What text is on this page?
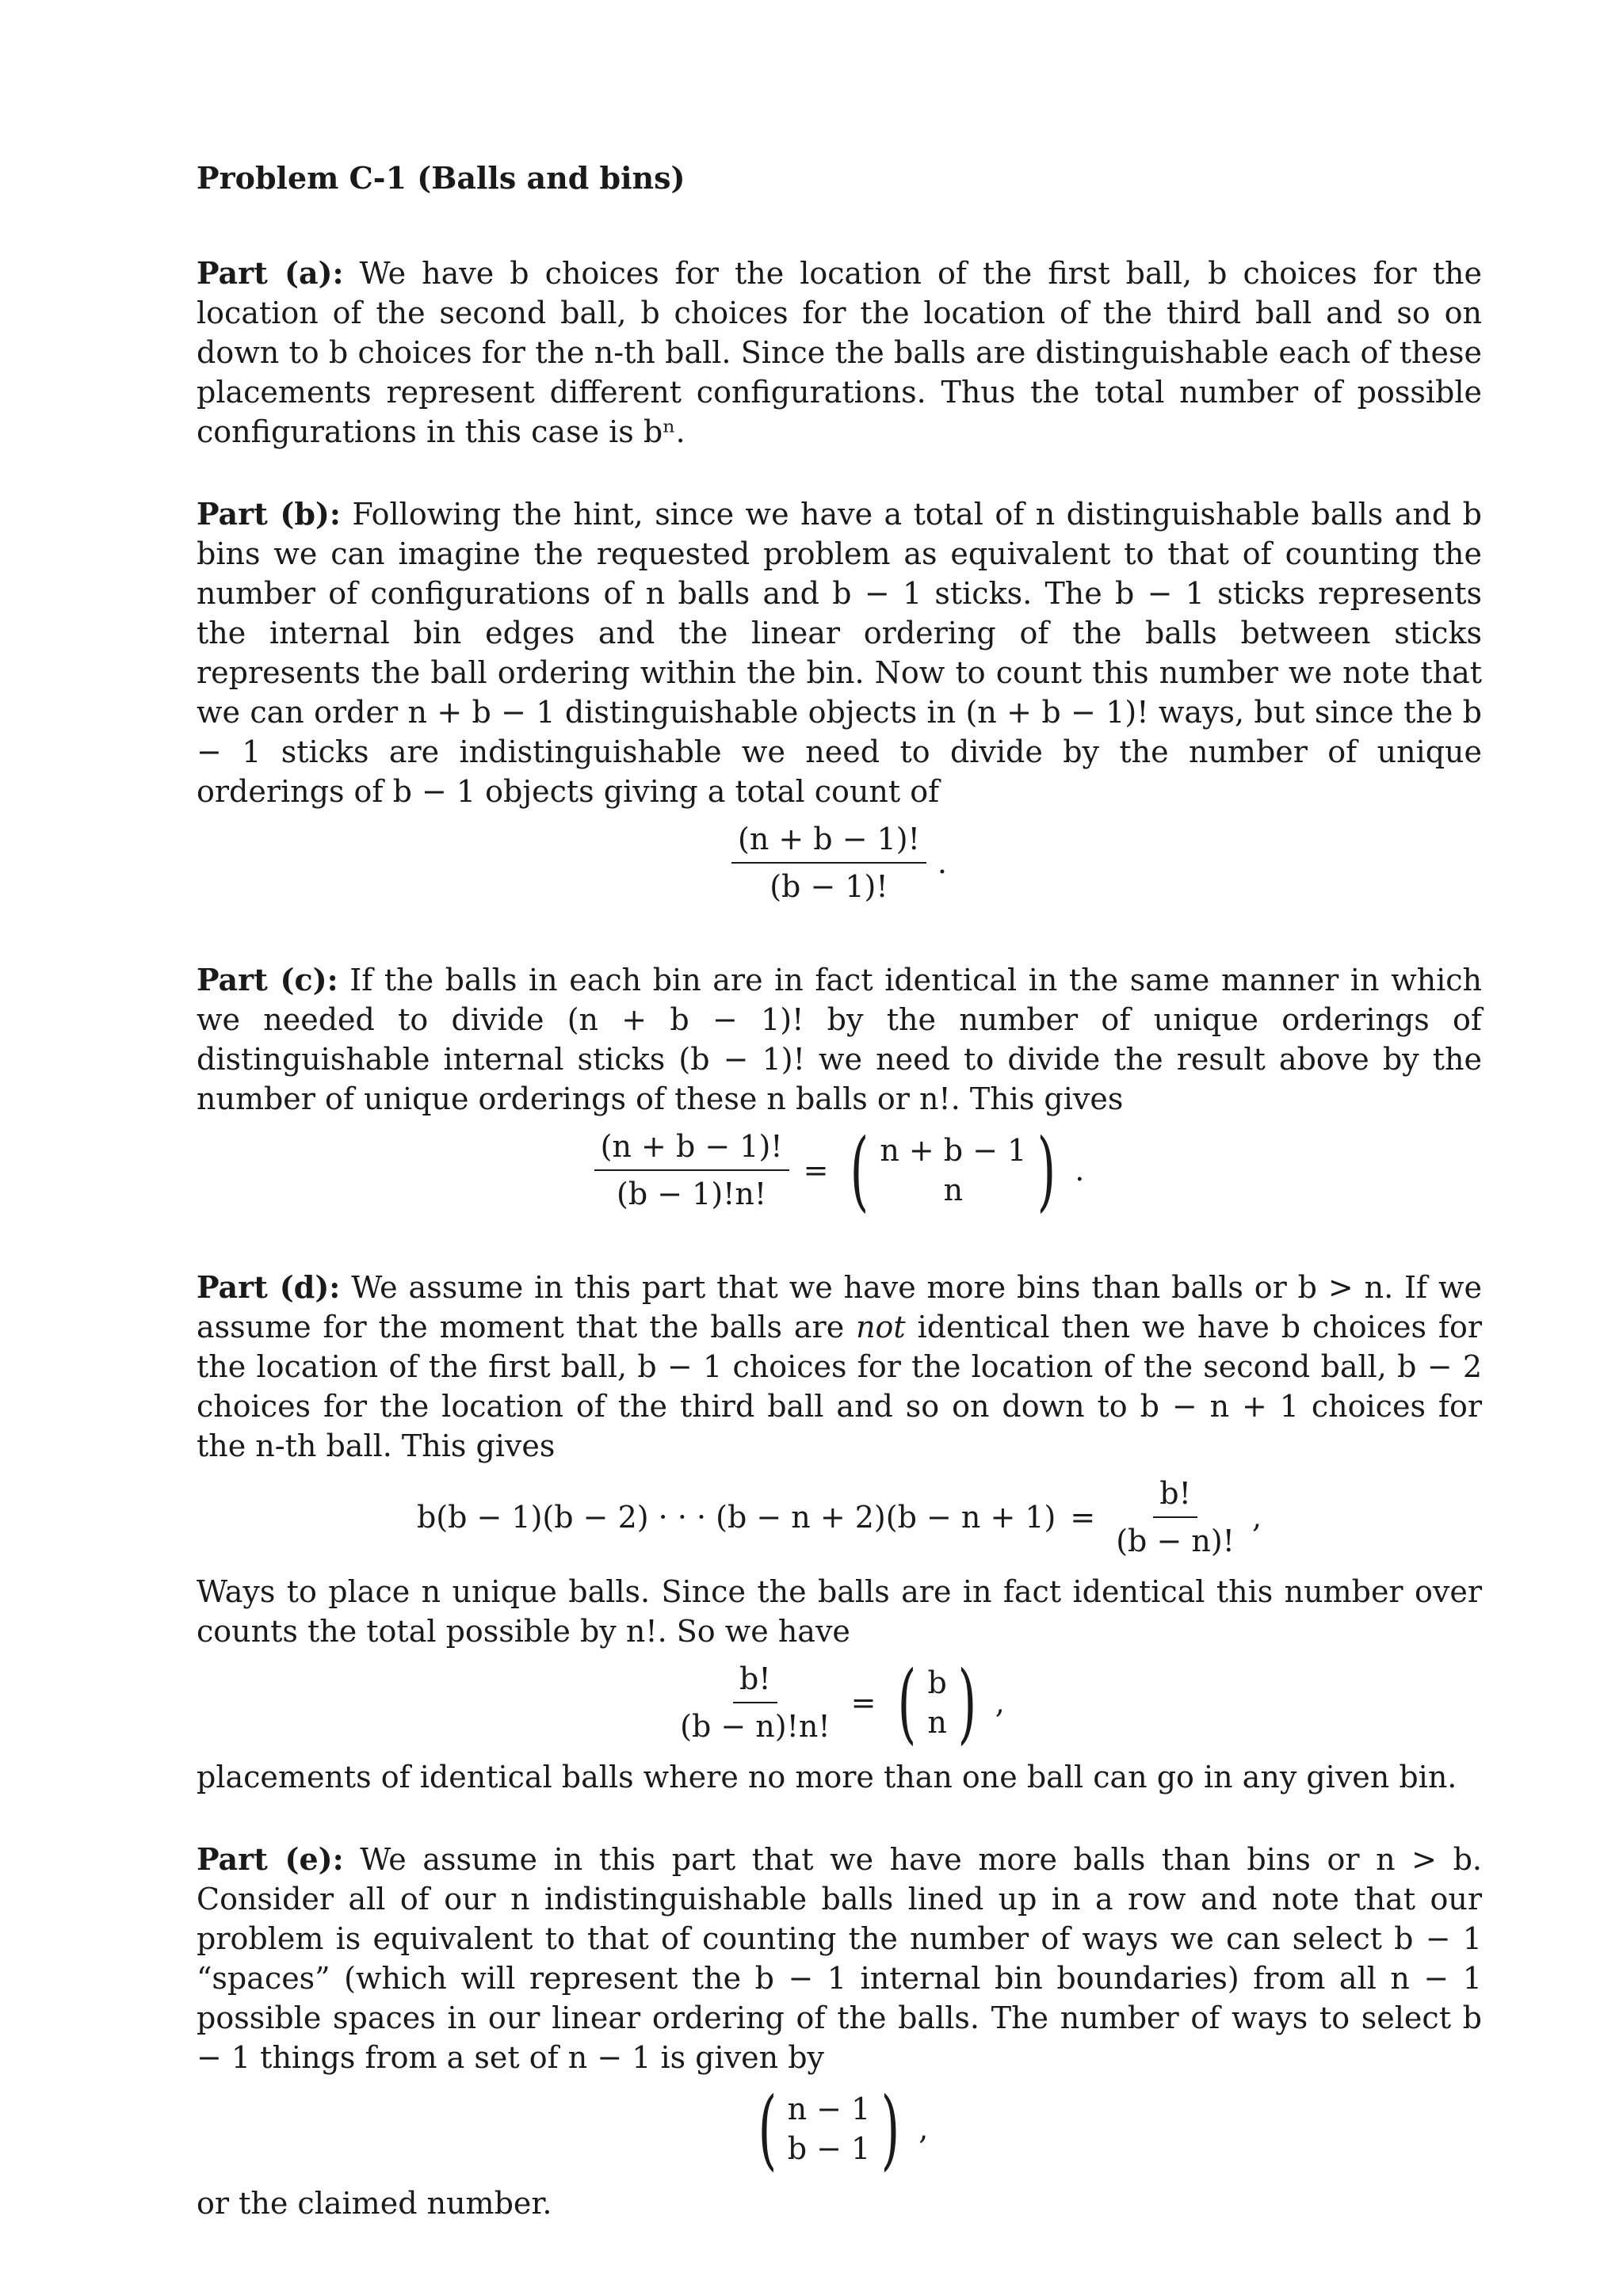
Problem C-1 (Balls and bins)

Part (a): We have b choices for the location of the first ball, b choices for the location of the second ball, b choices for the location of the third ball and so on down to b choices for the n-th ball. Since the balls are distinguishable each of these placements represent different configurations. Thus the total number of possible configurations in this case is bⁿ.

Part (b): Following the hint, since we have a total of n distinguishable balls and b bins we can imagine the requested problem as equivalent to that of counting the number of configurations of n balls and b − 1 sticks. The b − 1 sticks represents the internal bin edges and the linear ordering of the balls between sticks represents the ball ordering within the bin. Now to count this number we note that we can order n + b − 1 distinguishable objects in (n + b − 1)! ways, but since the b − 1 sticks are indistinguishable we need to divide by the number of unique orderings of b − 1 objects giving a total count of

$\frac{(n + b - 1)!}{(b - 1)!}$ .

Part (c): If the balls in each bin are in fact identical in the same manner in which we needed to divide (n + b − 1)! by the number of unique orderings of distinguishable internal sticks (b − 1)! we need to divide the result above by the number of unique orderings of these n balls or n!. This gives

$\frac{(n + b - 1)!}{(b - 1)!n!}$ = ( n + b − 1
n ) .

Part (d): We assume in this part that we have more bins than balls or b > n. If we assume for the moment that the balls are not identical then we have b choices for the location of the first ball, b − 1 choices for the location of the second ball, b − 2 choices for the location of the third ball and so on down to b − n + 1 choices for the n-th ball. This gives

b(b − 1)(b − 2) · · · $(b - n + 2)(b - n + 1) = \frac{b!}{(b - n)!}$ ,

Ways to place n unique balls. Since the balls are in fact identical this number over counts the total possible by n!. So we have

$\frac{b!}{(b - n)!n!}$ = ( b
n ) ,

placements of identical balls where no more than one ball can go in any given bin.

Part (e): We assume in this part that we have more balls than bins or n > b. Consider all of our n indistinguishable balls lined up in a row and note that our problem is equivalent to that of counting the number of ways we can select b − 1 “spaces” (which will represent the b − 1 internal bin boundaries) from all n − 1 possible spaces in our linear ordering of the balls. The number of ways to select b − 1 things from a set of n − 1 is given by

( n − 1
b − 1 ) ,

or the claimed number.
